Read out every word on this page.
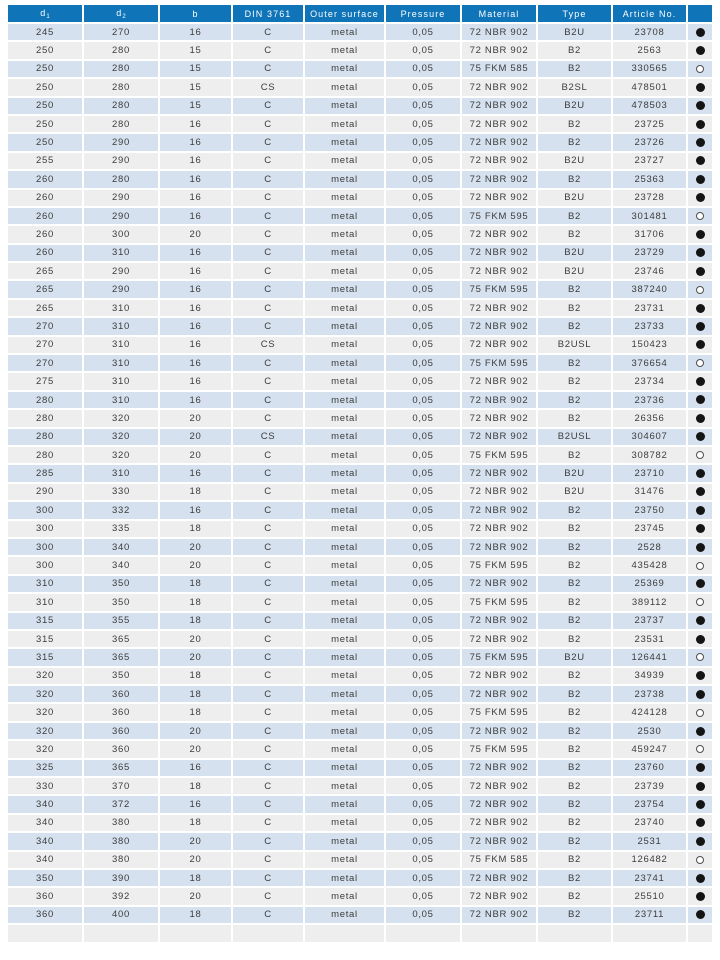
$d_1$	$d_2$	b	DIN 3761	Outer surface	Pressure	Material	Type	Article No.	
245	270	16	C	metal	0,05	72 NBR 902	B2U	23708	
250	280	15	C	metal	0,05	72 NBR 902	B2	2563	
250	280	15	C	metal	0,05	75 FKM 585	B2	330565	
250	280	15	CS	metal	0,05	72 NBR 902	B2SL	478501	
250	280	15	C	metal	0,05	72 NBR 902	B2U	478503	
250	280	16	C	metal	0,05	72 NBR 902	B2	23725	
250	290	16	C	metal	0,05	72 NBR 902	B2	23726	
255	290	16	C	metal	0,05	72 NBR 902	B2U	23727	
260	280	16	C	metal	0,05	72 NBR 902	B2	25363	
260	290	16	C	metal	0,05	72 NBR 902	B2U	23728	
260	290	16	C	metal	0,05	75 FKM 595	B2	301481	
260	300	20	C	metal	0,05	72 NBR 902	B2	31706	
260	310	16	C	metal	0,05	72 NBR 902	B2U	23729	
265	290	16	C	metal	0,05	72 NBR 902	B2U	23746	
265	290	16	C	metal	0,05	75 FKM 595	B2	387240	
265	310	16	C	metal	0,05	72 NBR 902	B2	23731	
270	310	16	C	metal	0,05	72 NBR 902	B2	23733	
270	310	16	CS	metal	0,05	72 NBR 902	B2USL	150423	
270	310	16	C	metal	0,05	75 FKM 595	B2	376654	
275	310	16	C	metal	0,05	72 NBR 902	B2	23734	
280	310	16	C	metal	0,05	72 NBR 902	B2	23736	
280	320	20	C	metal	0,05	72 NBR 902	B2	26356	
280	320	20	CS	metal	0,05	72 NBR 902	B2USL	304607	
280	320	20	C	metal	0,05	75 FKM 595	B2	308782	
285	310	16	C	metal	0,05	72 NBR 902	B2U	23710	
290	330	18	C	metal	0,05	72 NBR 902	B2U	31476	
300	332	16	C	metal	0,05	72 NBR 902	B2	23750	
300	335	18	C	metal	0,05	72 NBR 902	B2	23745	
300	340	20	C	metal	0,05	72 NBR 902	B2	2528	
300	340	20	C	metal	0,05	75 FKM 595	B2	435428	
310	350	18	C	metal	0,05	72 NBR 902	B2	25369	
310	350	18	C	metal	0,05	75 FKM 595	B2	389112	
315	355	18	C	metal	0,05	72 NBR 902	B2	23737	
315	365	20	C	metal	0,05	72 NBR 902	B2	23531	
315	365	20	C	metal	0,05	75 FKM 595	B2U	126441	
320	350	18	C	metal	0,05	72 NBR 902	B2	34939	
320	360	18	C	metal	0,05	72 NBR 902	B2	23738	
320	360	18	C	metal	0,05	75 FKM 595	B2	424128	
320	360	20	C	metal	0,05	72 NBR 902	B2	2530	
320	360	20	C	metal	0,05	75 FKM 595	B2	459247	
325	365	16	C	metal	0,05	72 NBR 902	B2	23760	
330	370	18	C	metal	0,05	72 NBR 902	B2	23739	
340	372	16	C	metal	0,05	72 NBR 902	B2	23754	
340	380	18	C	metal	0,05	72 NBR 902	B2	23740	
340	380	20	C	metal	0,05	72 NBR 902	B2	2531	
340	380	20	C	metal	0,05	75 FKM 585	B2	126482	
350	390	18	C	metal	0,05	72 NBR 902	B2	23741	
360	392	20	C	metal	0,05	72 NBR 902	B2	25510	
360	400	18	C	metal	0,05	72 NBR 902	B2	23711	
